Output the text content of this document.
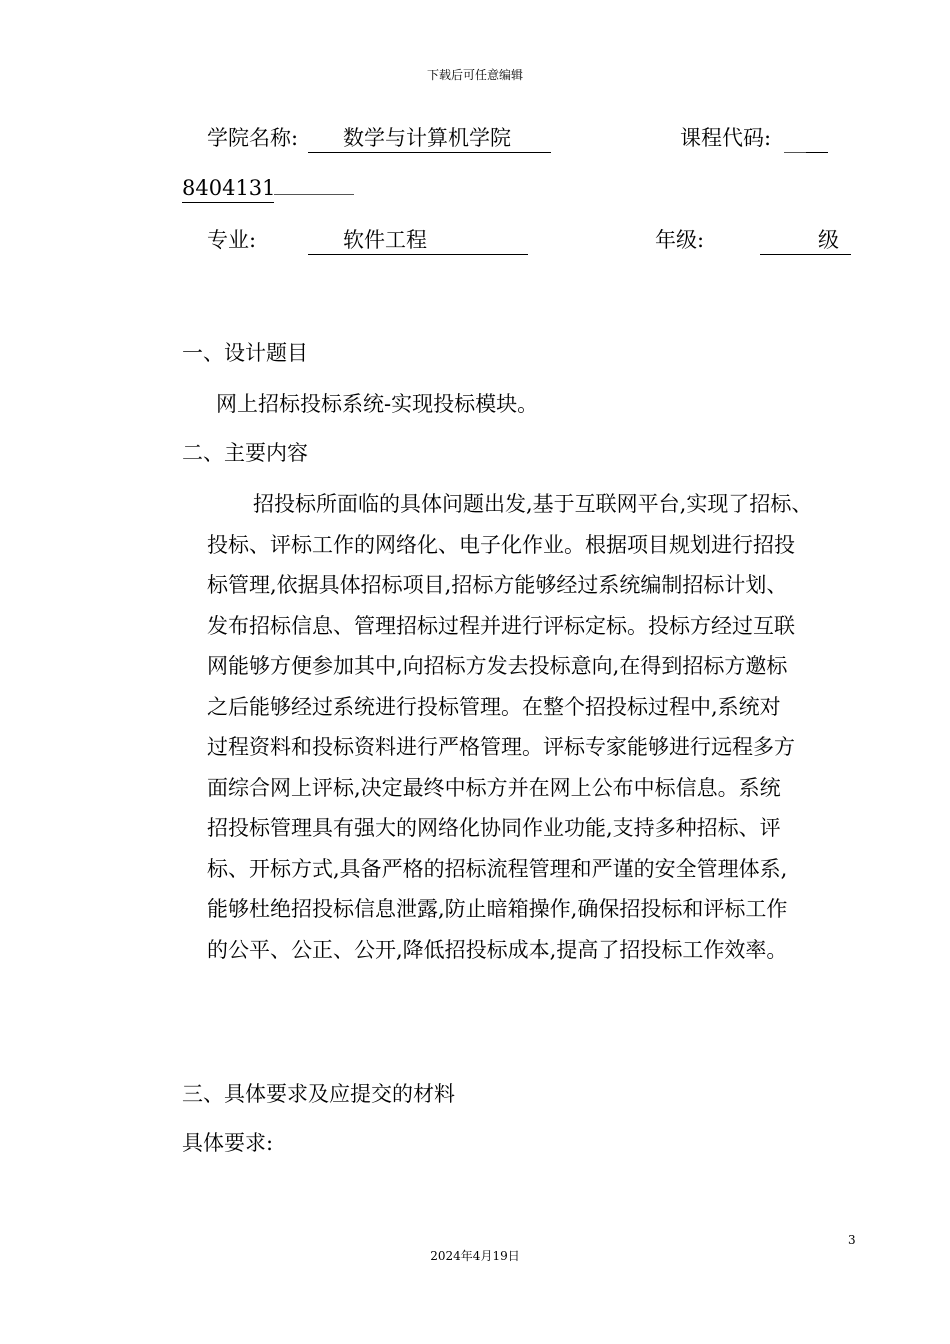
下载后可任意编辑
学院名称:	数学与计算机学院	课程代码:
8404131
专业:	软件工程	年级:	级
一、设计题目
网上招标投标系统-实现投标模块。
二、主要内容
招投标所面临的具体问题出发,基于互联网平台,实现了招标、
投标、评标工作的网络化、电子化作业。根据项目规划进行招投
标管理,依据具体招标项目,招标方能够经过系统编制招标计划、
发布招标信息、管理招标过程并进行评标定标。投标方经过互联
网能够方便参加其中,向招标方发去投标意向,在得到招标方邀标
之后能够经过系统进行投标管理。在整个招投标过程中,系统对
过程资料和投标资料进行严格管理。评标专家能够进行远程多方
面综合网上评标,决定最终中标方并在网上公布中标信息。系统
招投标管理具有强大的网络化协同作业功能,支持多种招标、评
标、开标方式,具备严格的招标流程管理和严谨的安全管理体系,
能够杜绝招投标信息泄露,防止暗箱操作,确保招投标和评标工作
的公平、公正、公开,降低招投标成本,提高了招投标工作效率。
三、具体要求及应提交的材料
具体要求:
3
2024年4月19日
